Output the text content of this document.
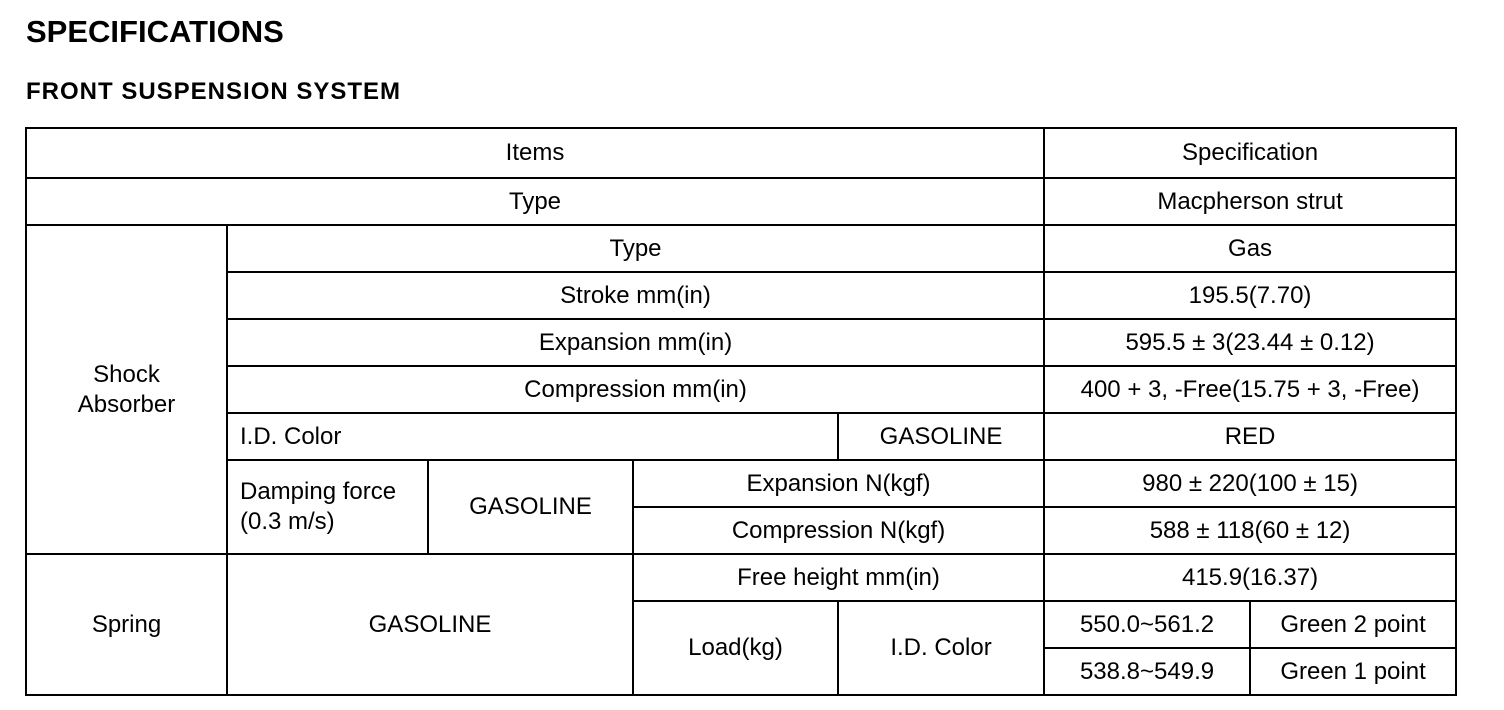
SPECIFICATIONS
FRONT SUSPENSION SYSTEM
Items					Specification	
Type					Macpherson strut	
Shock Absorber	Type				Gas	
	Stroke mm(in)				195.5(7.70)	
	Expansion mm(in)				595.5 ± 3(23.44 ± 0.12)	
	Compression mm(in)				400 + 3, -Free(15.75 + 3, -Free)	
	I.D. Color			GASOLINE	RED	
	Damping force (0.3 m/s)	GASOLINE	Expansion N(kgf)		980 ± 220(100 ± 15)	
			Compression N(kgf)		588 ± 118(60 ± 12)	
Spring	GASOLINE		Free height mm(in)		415.9(16.37)	
			Load(kg)	I.D. Color	550.0~561.2	Green 2 point
					538.8~549.9	Green 1 point
